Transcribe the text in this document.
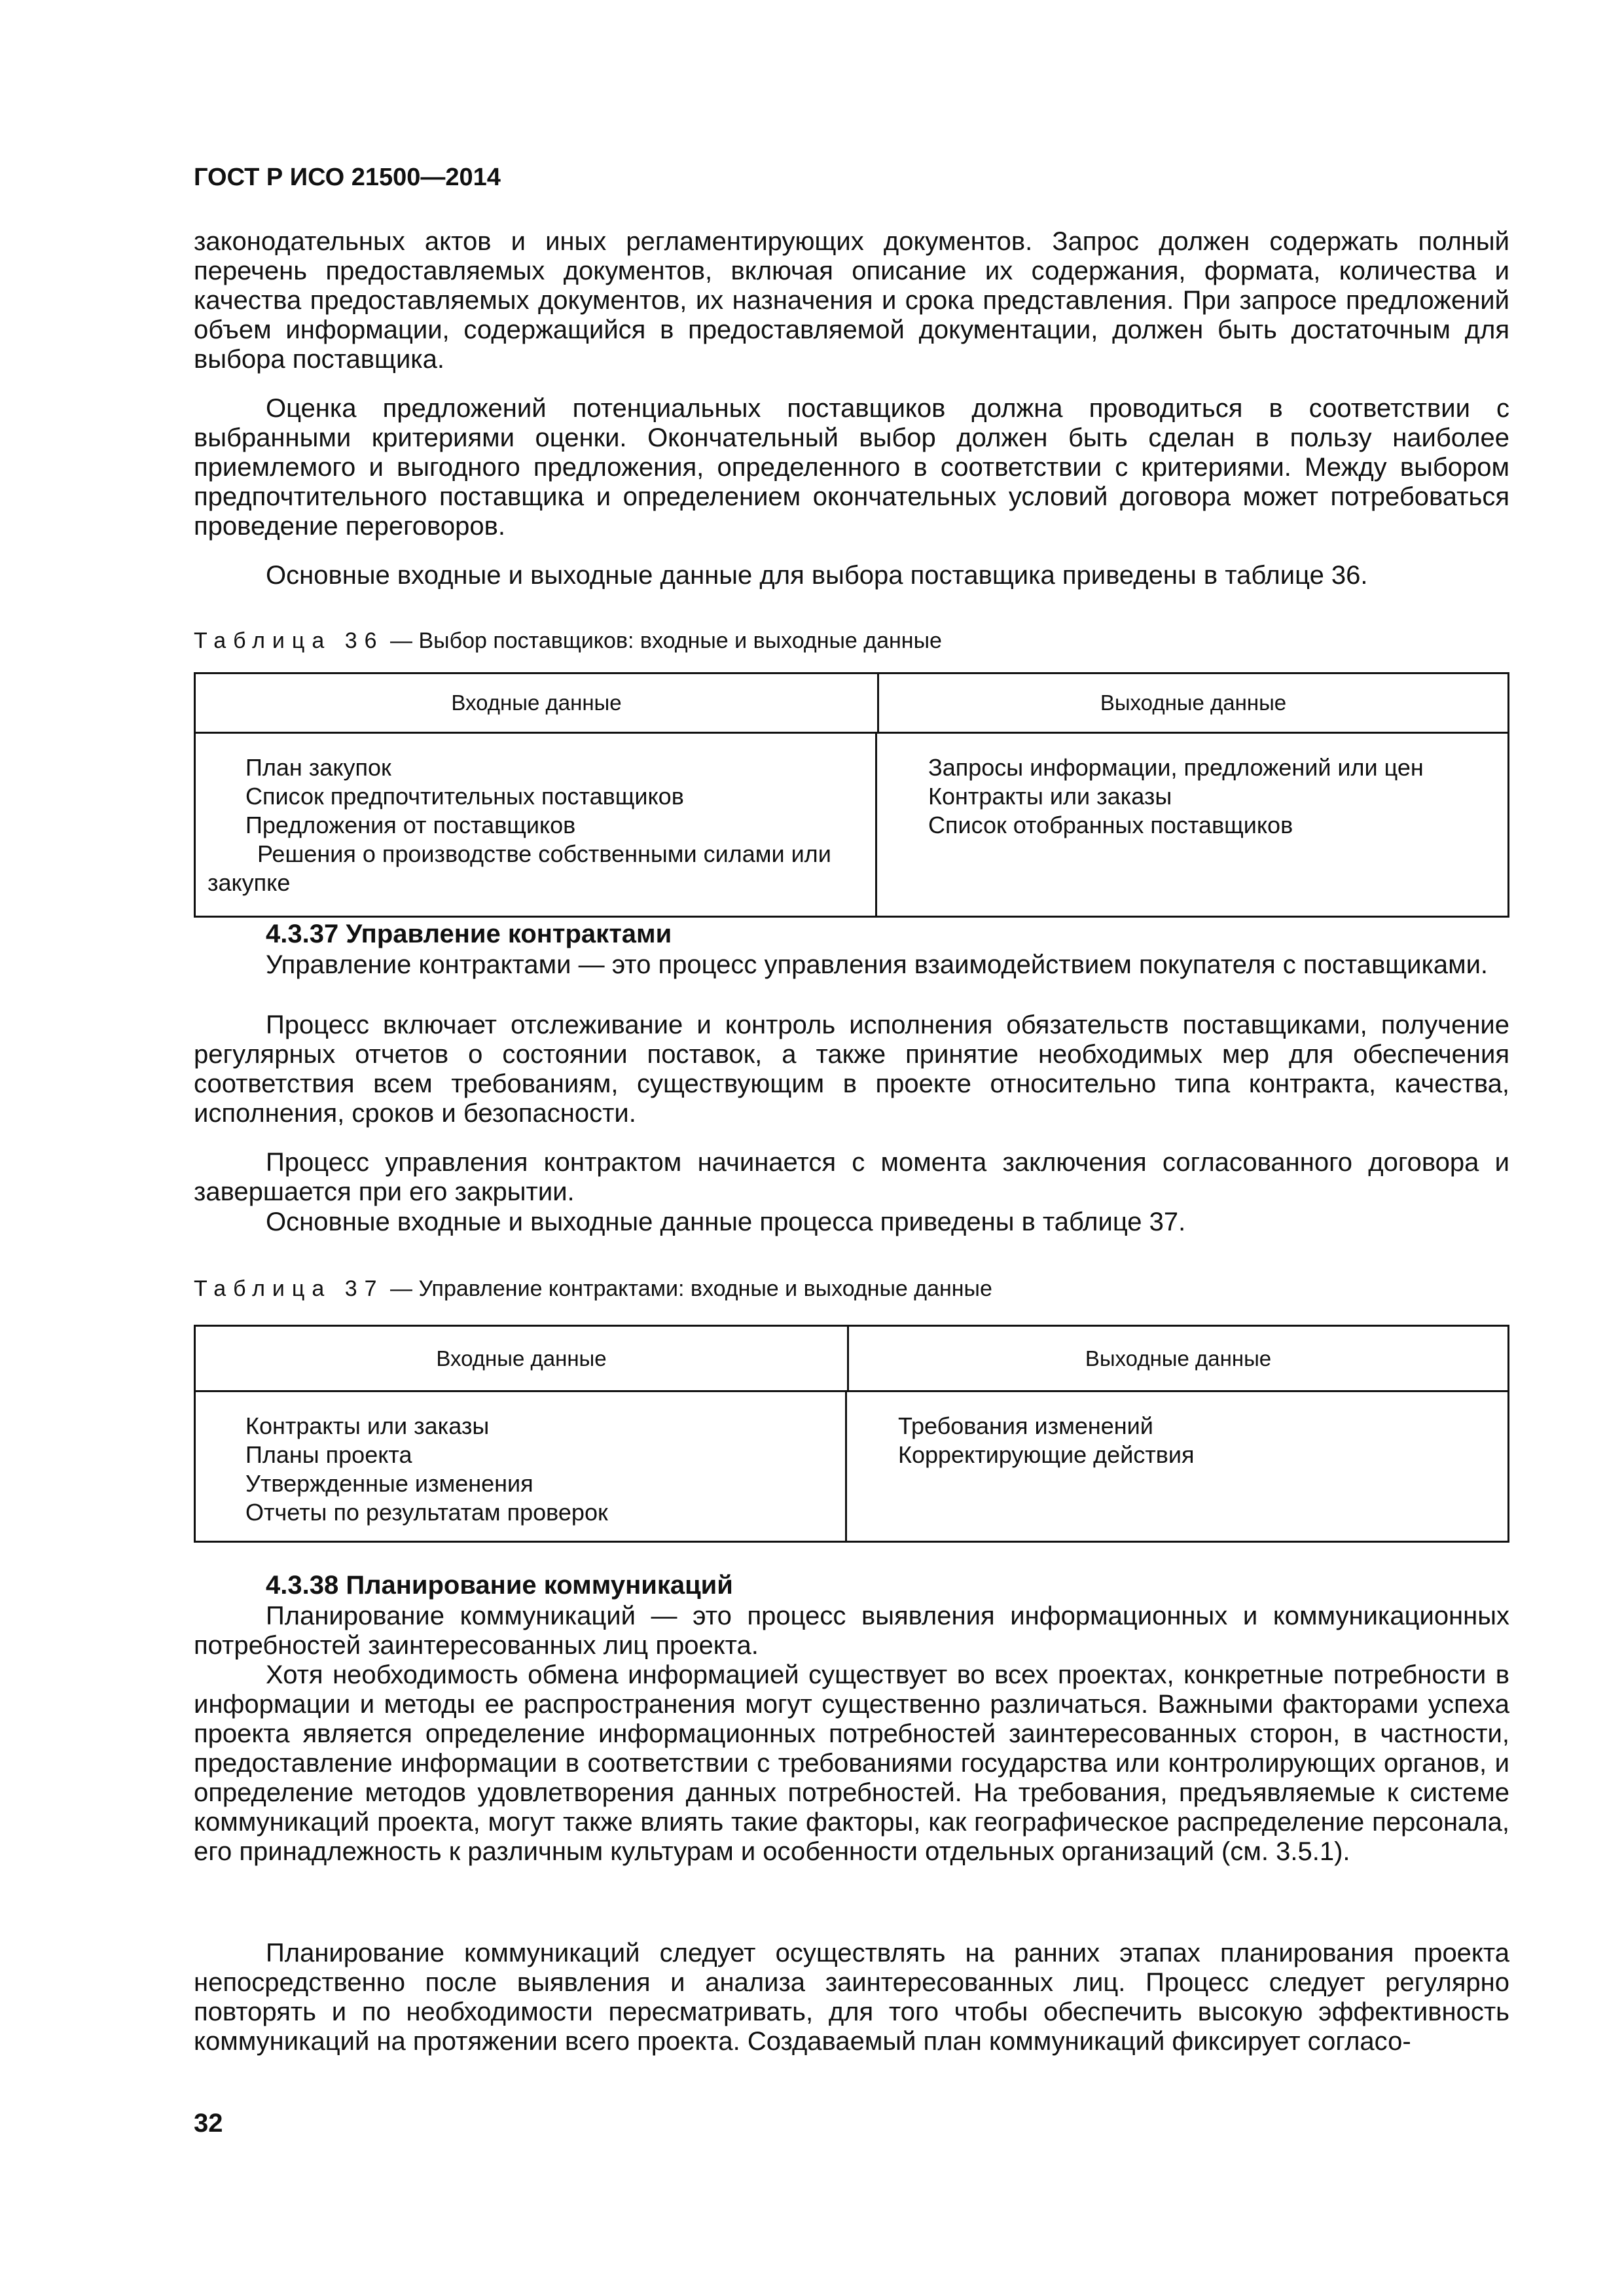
ГОСТ Р ИСО 21500—2014

законодательных актов и иных регламентирующих документов. Запрос должен содержать полный перечень предоставляемых документов, включая описание их содержания, формата, количества и качества предоставляемых документов, их назначения и срока представления. При запросе предложений объем информации, содержащийся в предоставляемой документации, должен быть достаточным для выбора поставщика.

Оценка предложений потенциальных поставщиков должна проводиться в соответствии с выбранными критериями оценки. Окончательный выбор должен быть сделан в пользу наиболее приемлемого и выгодного предложения, определенного в соответствии с критериями. Между выбором предпочтительного поставщика и определением окончательных условий договора может потребоваться проведение переговоров.

Основные входные и выходные данные для выбора поставщика приведены в таблице 36.

Таблица 36 — Выбор поставщиков: входные и выходные данные
Входные данные	Выходные данные
План закупок
Список предпочтительных поставщиков
Предложения от поставщиков
Решения о производстве собственными силами или закупке
Запросы информации, предложений или цен
Контракты или заказы
Список отобранных поставщиков

4.3.37 Управление контрактами

Управление контрактами — это процесс управления взаимодействием покупателя с поставщиками.

Процесс включает отслеживание и контроль исполнения обязательств поставщиками, получение регулярных отчетов о состоянии поставок, а также принятие необходимых мер для обеспечения соответствия всем требованиям, существующим в проекте относительно типа контракта, качества, исполнения, сроков и безопасности.

Процесс управления контрактом начинается с момента заключения согласованного договора и завершается при его закрытии.

Основные входные и выходные данные процесса приведены в таблице 37.

Таблица 37 — Управление контрактами: входные и выходные данные
Входные данные	Выходные данные
Контракты или заказы
Планы проекта
Утвержденные изменения
Отчеты по результатам проверок
Требования изменений
Корректирующие действия

4.3.38 Планирование коммуникаций

Планирование коммуникаций — это процесс выявления информационных и коммуникационных потребностей заинтересованных лиц проекта.

Хотя необходимость обмена информацией существует во всех проектах, конкретные потребности в информации и методы ее распространения могут существенно различаться. Важными факторами успеха проекта является определение информационных потребностей заинтересованных сторон, в частности, предоставление информации в соответствии с требованиями государства или контролирующих органов, и определение методов удовлетворения данных потребностей. На требования, предъявляемые к системе коммуникаций проекта, могут также влиять такие факторы, как географическое распределение персонала, его принадлежность к различным культурам и особенности отдельных организаций (см. 3.5.1).

Планирование коммуникаций следует осуществлять на ранних этапах планирования проекта непосредственно после выявления и анализа заинтересованных лиц. Процесс следует регулярно повторять и по необходимости пересматривать, для того чтобы обеспечить высокую эффективность коммуникаций на протяжении всего проекта. Создаваемый план коммуникаций фиксирует согласо-

32
